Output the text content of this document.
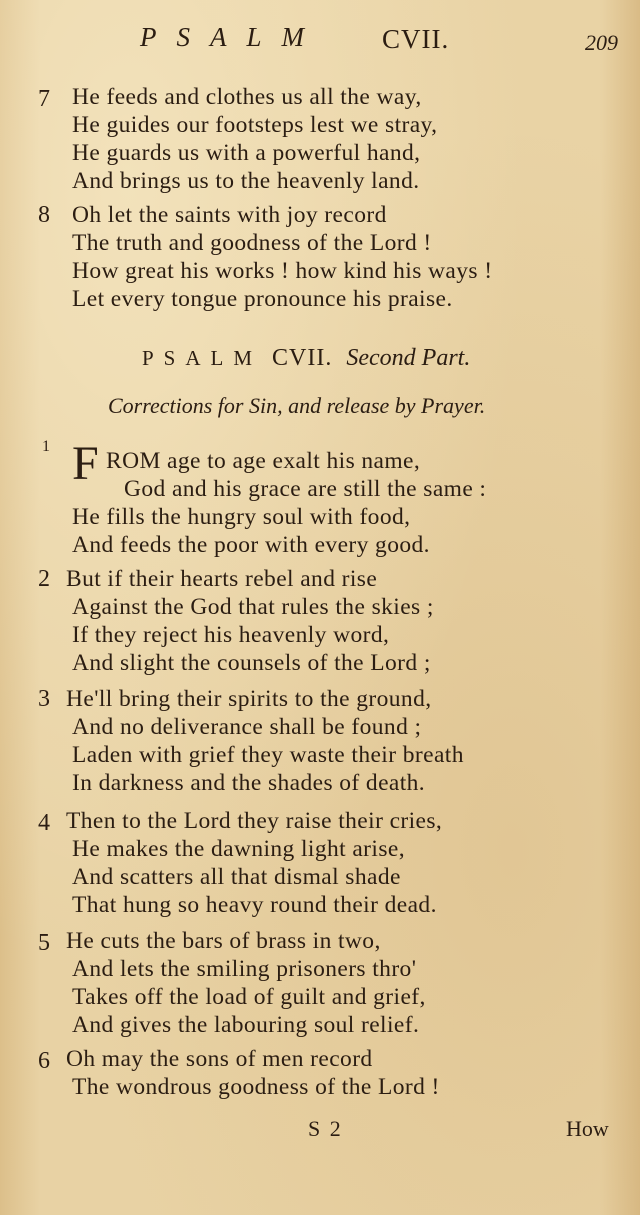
PSALM CVII.	209
7 He feeds and clothes us all the way,
He guides our footsteps lest we stray,
He guards us with a powerful hand,
And brings us to the heavenly land.
8 Oh let the saints with joy record
The truth and goodness of the Lord !
How great his works ! how kind his ways !
Let every tongue pronounce his praise.
PSALM CVII. Second Part.
Corrections for Sin, and release by Prayer.
1 F ROM age to age exalt his name,
God and his grace are still the same :
He fills the hungry soul with food,
And feeds the poor with every good.
2 But if their hearts rebel and rise
Against the God that rules the skies ;
If they reject his heavenly word,
And slight the counsels of the Lord ;
3 He'll bring their spirits to the ground,
And no deliverance shall be found ;
Laden with grief they waste their breath
In darkness and the shades of death.
4 Then to the Lord they raise their cries,
He makes the dawning light arise,
And scatters all that dismal shade
That hung so heavy round their dead.
5 He cuts the bars of brass in two,
And lets the smiling prisoners thro'
Takes off the load of guilt and grief,
And gives the labouring soul relief.
6 Oh may the sons of men record
The wondrous goodness of the Lord !
S 2	How
